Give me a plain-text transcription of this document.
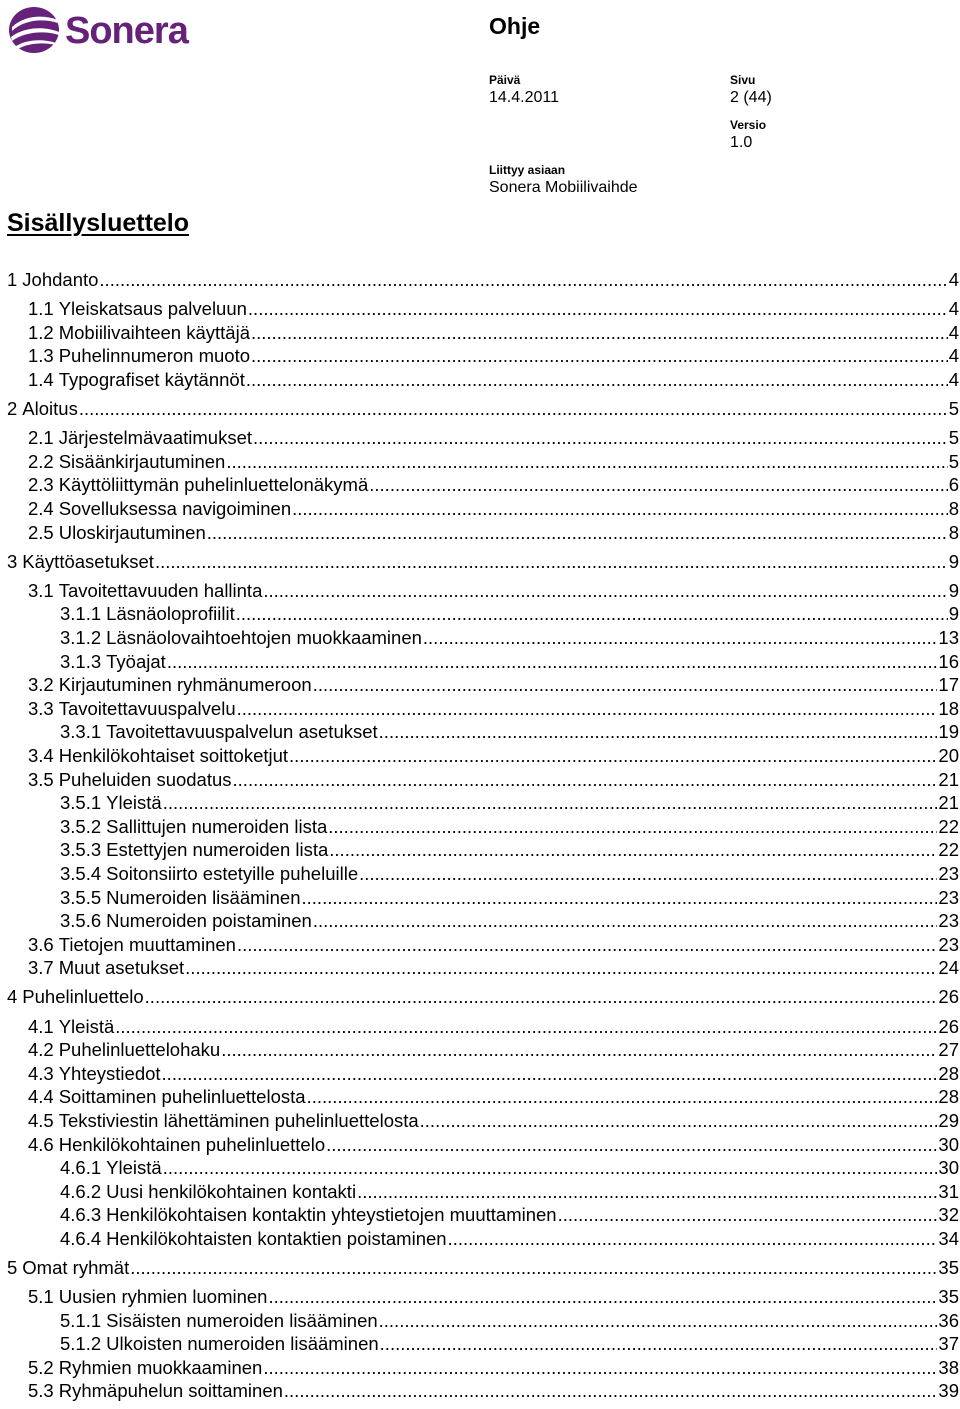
Sonera	Ohje
Päivä
14.4.2011
Sivu
2 (44)
Versio
1.0
Liittyy asiaan
Sonera Mobiilivaihde
Sisällysluettelo
1 Johdanto .....	4
1.1 Yleiskatsaus palveluun .....	4
1.2 Mobiilivaihteen käyttäjä .....	4
1.3 Puhelinnumeron muoto .....	4
1.4 Typografiset käytännöt .....	4
2 Aloitus .....	5
2.1 Järjestelmävaatimukset .....	5
2.2 Sisäänkirjautuminen .....	5
2.3 Käyttöliittymän puhelinluettelonäkymä .....	6
2.4 Sovelluksessa navigoiminen .....	8
2.5 Uloskirjautuminen .....	8
3 Käyttöasetukset .....	9
3.1 Tavoitettavuuden hallinta .....	9
3.1.1 Läsnäoloprofiilit .....	9
3.1.2 Läsnäolovaihtoehtojen muokkaaminen .....	13
3.1.3 Työajat .....	16
3.2 Kirjautuminen ryhmänumeroon .....	17
3.3 Tavoitettavuuspalvelu .....	18
3.3.1 Tavoitettavuuspalvelun asetukset .....	19
3.4 Henkilökohtaiset soittoketjut .....	20
3.5 Puheluiden suodatus .....	21
3.5.1 Yleistä .....	21
3.5.2 Sallittujen numeroiden lista .....	22
3.5.3 Estettyjen numeroiden lista .....	22
3.5.4 Soitonsiirto estetyille puheluille .....	23
3.5.5 Numeroiden lisääminen .....	23
3.5.6 Numeroiden poistaminen .....	23
3.6 Tietojen muuttaminen .....	23
3.7 Muut asetukset .....	24
4 Puhelinluettelo .....	26
4.1 Yleistä .....	26
4.2 Puhelinluettelohaku .....	27
4.3 Yhteystiedot .....	28
4.4 Soittaminen puhelinluettelosta .....	28
4.5 Tekstiviestin lähettäminen puhelinluettelosta .....	29
4.6 Henkilökohtainen puhelinluettelo .....	30
4.6.1 Yleistä .....	30
4.6.2 Uusi henkilökohtainen kontakti .....	31
4.6.3 Henkilökohtaisen kontaktin yhteystietojen muuttaminen .....	32
4.6.4 Henkilökohtaisten kontaktien poistaminen .....	34
5 Omat ryhmät .....	35
5.1 Uusien ryhmien luominen .....	35
5.1.1 Sisäisten numeroiden lisääminen .....	36
5.1.2 Ulkoisten numeroiden lisääminen .....	37
5.2 Ryhmien muokkaaminen .....	38
5.3 Ryhmäpuhelun soittaminen .....	39
